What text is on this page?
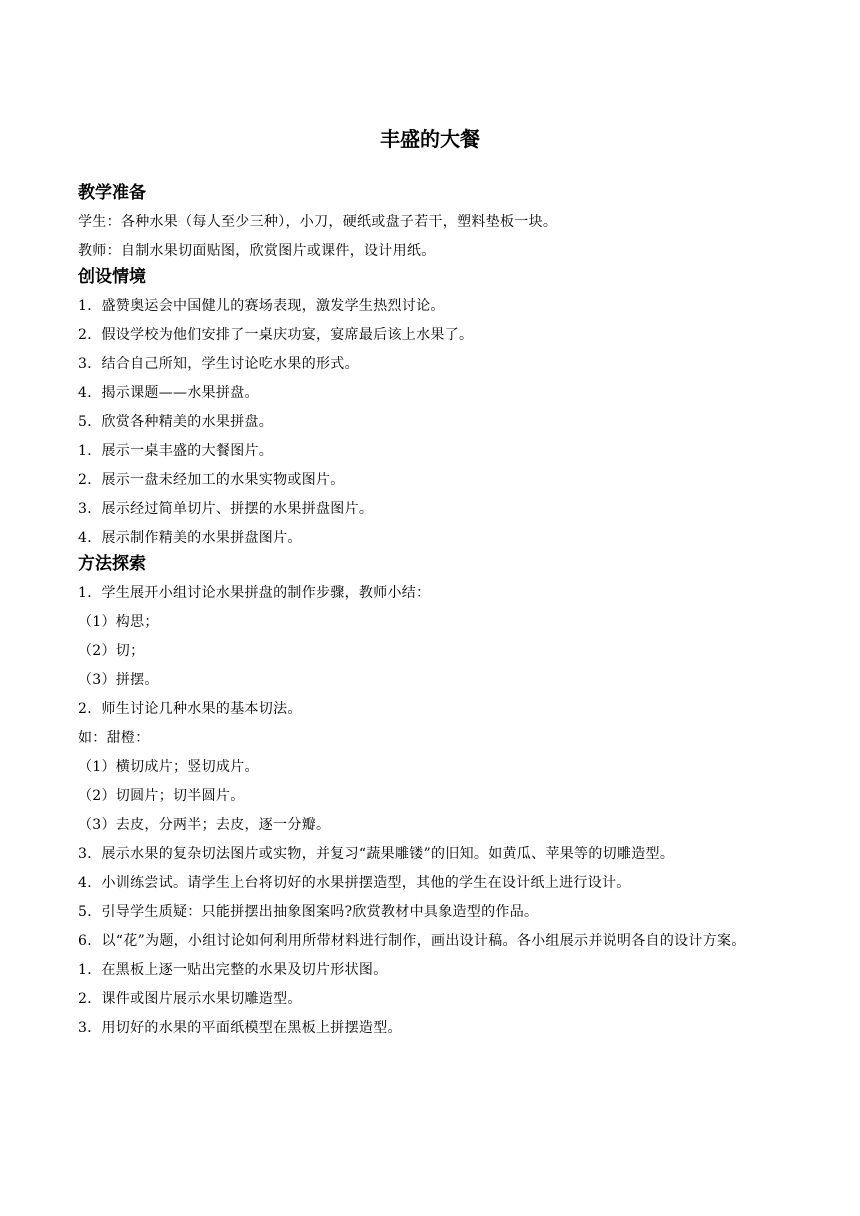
丰盛的大餐
教学准备

学生：各种水果（每人至少三种），小刀，硬纸或盘子若干，塑料垫板一块。

教师：自制水果切面贴图，欣赏图片或课件，设计用纸。

创设情境

1．盛赞奥运会中国健儿的赛场表现，激发学生热烈讨论。

2．假设学校为他们安排了一桌庆功宴，宴席最后该上水果了。

3．结合自己所知，学生讨论吃水果的形式。

4．揭示课题——水果拼盘。

5．欣赏各种精美的水果拼盘。

1．展示一桌丰盛的大餐图片。

2．展示一盘未经加工的水果实物或图片。

3．展示经过简单切片、拼摆的水果拼盘图片。

4．展示制作精美的水果拼盘图片。

方法探索

1．学生展开小组讨论水果拼盘的制作步骤，教师小结：

（1）构思；

（2）切；

（3）拼摆。

2．师生讨论几种水果的基本切法。

如：甜橙：

（1）横切成片；竖切成片。

（2）切圆片；切半圆片。

（3）去皮，分两半；去皮，逐一分瓣。

3．展示水果的复杂切法图片或实物，并复习“蔬果雕镂”的旧知。如黄瓜、苹果等的切雕造型。

4．小训练尝试。请学生上台将切好的水果拼摆造型，其他的学生在设计纸上进行设计。

5．引导学生质疑：只能拼摆出抽象图案吗?欣赏教材中具象造型的作品。

6．以“花”为题，小组讨论如何利用所带材料进行制作，画出设计稿。各小组展示并说明各自的设计方案。

1．在黑板上逐一贴出完整的水果及切片形状图。

2．课件或图片展示水果切雕造型。

3．用切好的水果的平面纸模型在黑板上拼摆造型。
